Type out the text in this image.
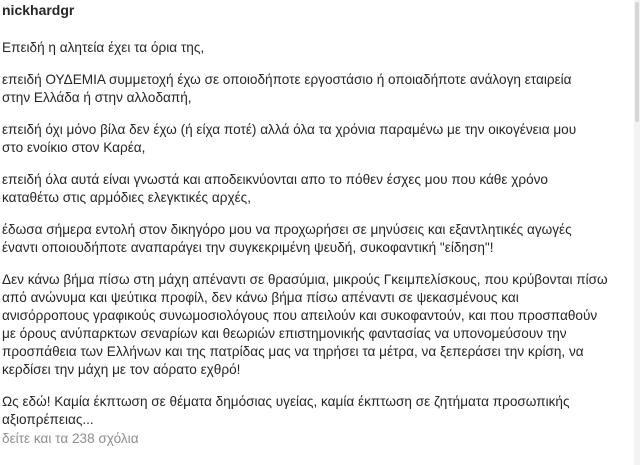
nickhardgr
Επειδή η αλητεία έχει τα όρια της,
επειδή ΟΥΔΕΜΙΑ συμμετοχή έχω σε οποιοδήποτε εργοστάσιο ή οποιαδήποτε ανάλογη εταιρεία
στην Ελλάδα ή στην αλλοδαπή,
επειδή όχι μόνο βίλα δεν έχω (ή είχα ποτέ) αλλά όλα τα χρόνια παραμένω με την οικογένεια μου
στο ενοίκιο στον Καρέα,
επειδή όλα αυτά είναι γνωστά και αποδεικνύονται απο το πόθεν έσχες μου που κάθε χρόνο
καταθέτω στις αρμόδιες ελεγκτικές αρχές,
έδωσα σήμερα εντολή στον δικηγόρο μου να προχωρήσει σε μηνύσεις και εξαντλητικές αγωγές
έναντι οποιουδήποτε αναπαράγει την συγκεκριμένη ψευδή, συκοφαντική "είδηση"!
Δεν κάνω βήμα πίσω στη μάχη απέναντι σε θρασύμια, μικρούς Γκειμπελίσκους, που κρύβονται πίσω
από ανώνυμα και ψεύτικα προφίλ, δεν κάνω βήμα πίσω απέναντι σε ψεκασμένους και
ανισόρροπους γραφικούς συνωμοσιολόγους που απειλούν και συκοφαντούν, και που προσπαθούν
με όρους ανύπαρκτων σεναρίων και θεωριών επιστημονικής φαντασίας να υπονομεύσουν την
προσπάθεια των Ελλήνων και της πατρίδας μας να τηρήσει τα μέτρα, να ξεπεράσει την κρίση, να
κερδίσει την μάχη με τον αόρατο εχθρό!
Ως εδώ! Καμία έκπτωση σε θέματα δημόσιας υγείας, καμία έκπτωση σε ζητήματα προσωπικής
αξιοπρέπειας...
δείτε και τα 238 σχόλια
